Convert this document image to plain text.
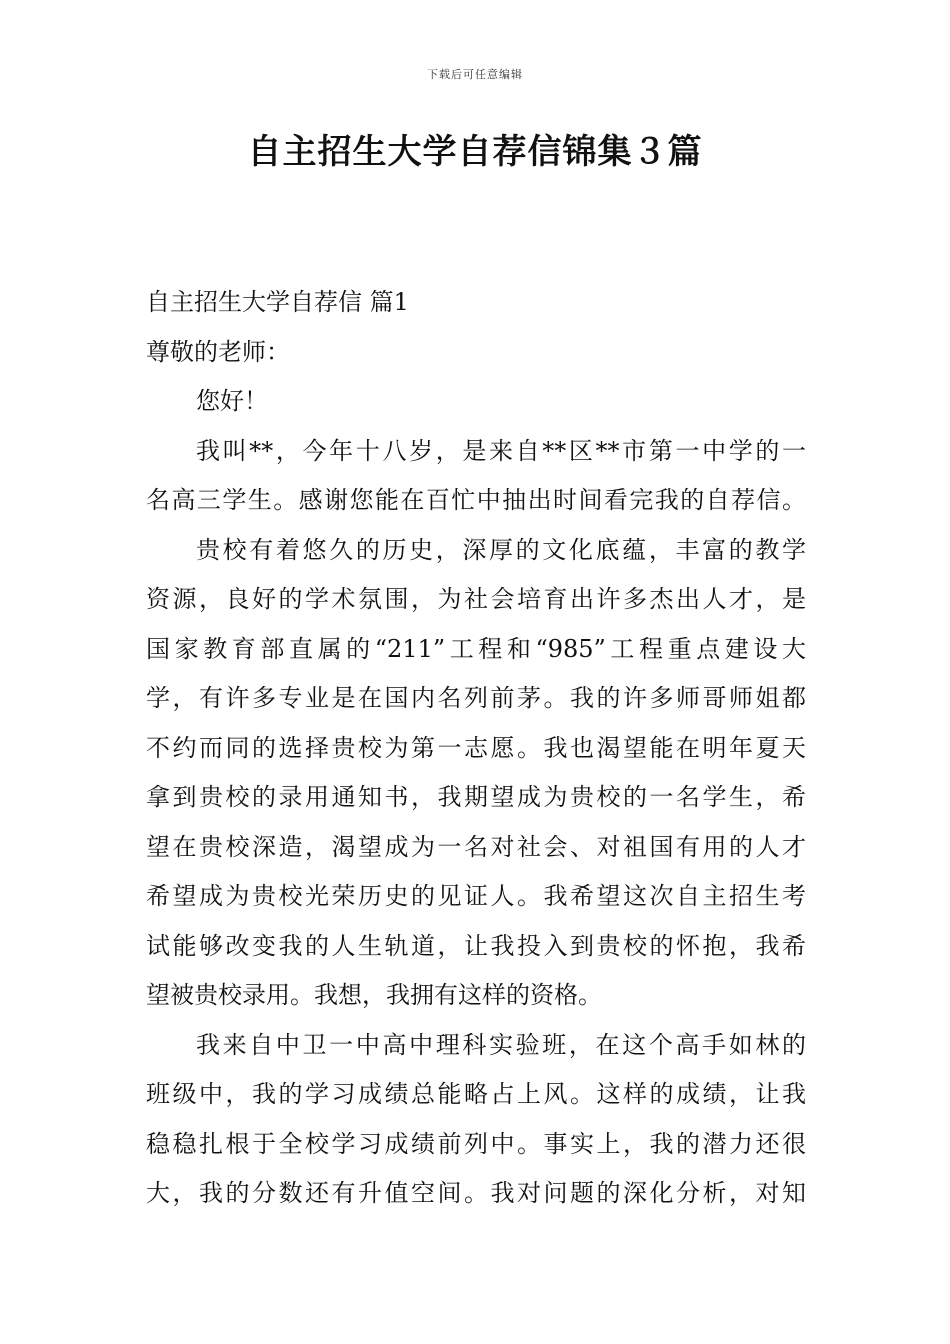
下载后可任意编辑
自主招生大学自荐信锦集３篇
自主招生大学自荐信 篇1
尊敬的老师：
您好！
我叫**，今年十八岁，是来自**区**市第一中学的一
名高三学生。感谢您能在百忙中抽出时间看完我的自荐信。
贵校有着悠久的历史，深厚的文化底蕴，丰富的教学
资源，良好的学术氛围，为社会培育出许多杰出人才，是
国家教育部直属的“211”工程和“985”工程重点建设大
学，有许多专业是在国内名列前茅。我的许多师哥师姐都
不约而同的选择贵校为第一志愿。我也渴望能在明年夏天
拿到贵校的录用通知书，我期望成为贵校的一名学生，希
望在贵校深造，渴望成为一名对社会、对祖国有用的人才
希望成为贵校光荣历史的见证人。我希望这次自主招生考
试能够改变我的人生轨道，让我投入到贵校的怀抱，我希
望被贵校录用。我想，我拥有这样的资格。
我来自中卫一中高中理科实验班，在这个高手如林的
班级中，我的学习成绩总能略占上风。这样的成绩，让我
稳稳扎根于全校学习成绩前列中。事实上，我的潜力还很
大，我的分数还有升值空间。我对问题的深化分析，对知
